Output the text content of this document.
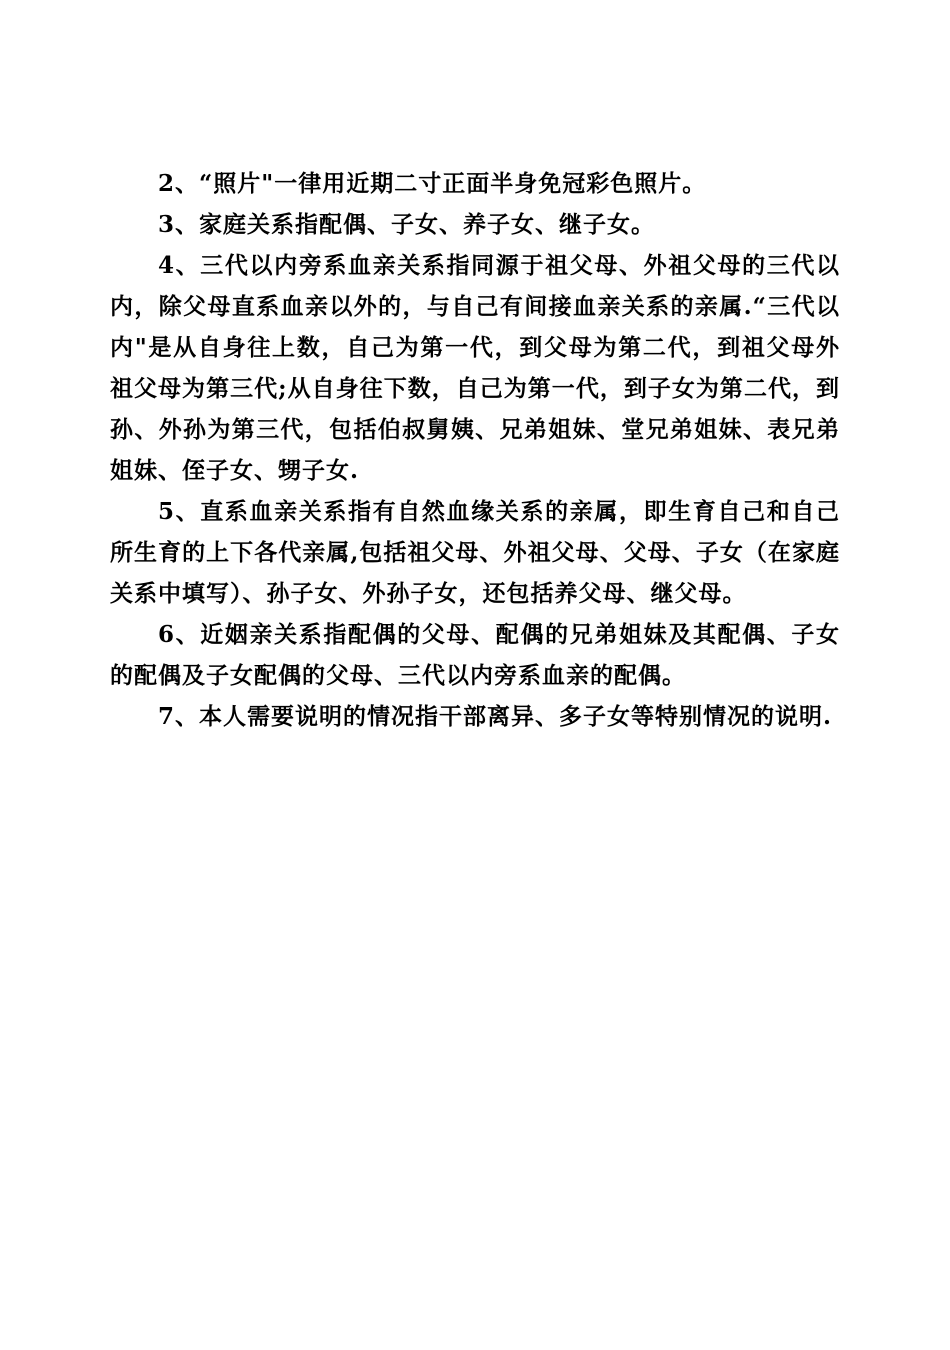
2、“照片"一律用近期二寸正面半身免冠彩色照片。

3、家庭关系指配偶、子女、养子女、继子女。

4、三代以内旁系血亲关系指同源于祖父母、外祖父母的三代以内，除父母直系血亲以外的，与自己有间接血亲关系的亲属.“三代以内"是从自身往上数，自己为第一代，到父母为第二代，到祖父母外祖父母为第三代;从自身往下数，自己为第一代，到子女为第二代，到孙、外孙为第三代，包括伯叔舅姨、兄弟姐妹、堂兄弟姐妹、表兄弟姐妹、侄子女、甥子女.

5、直系血亲关系指有自然血缘关系的亲属，即生育自己和自己所生育的上下各代亲属,包括祖父母、外祖父母、父母、子女（在家庭关系中填写）、孙子女、外孙子女，还包括养父母、继父母。

6、近姻亲关系指配偶的父母、配偶的兄弟姐妹及其配偶、子女的配偶及子女配偶的父母、三代以内旁系血亲的配偶。

7、本人需要说明的情况指干部离异、多子女等特别情况的说明.
